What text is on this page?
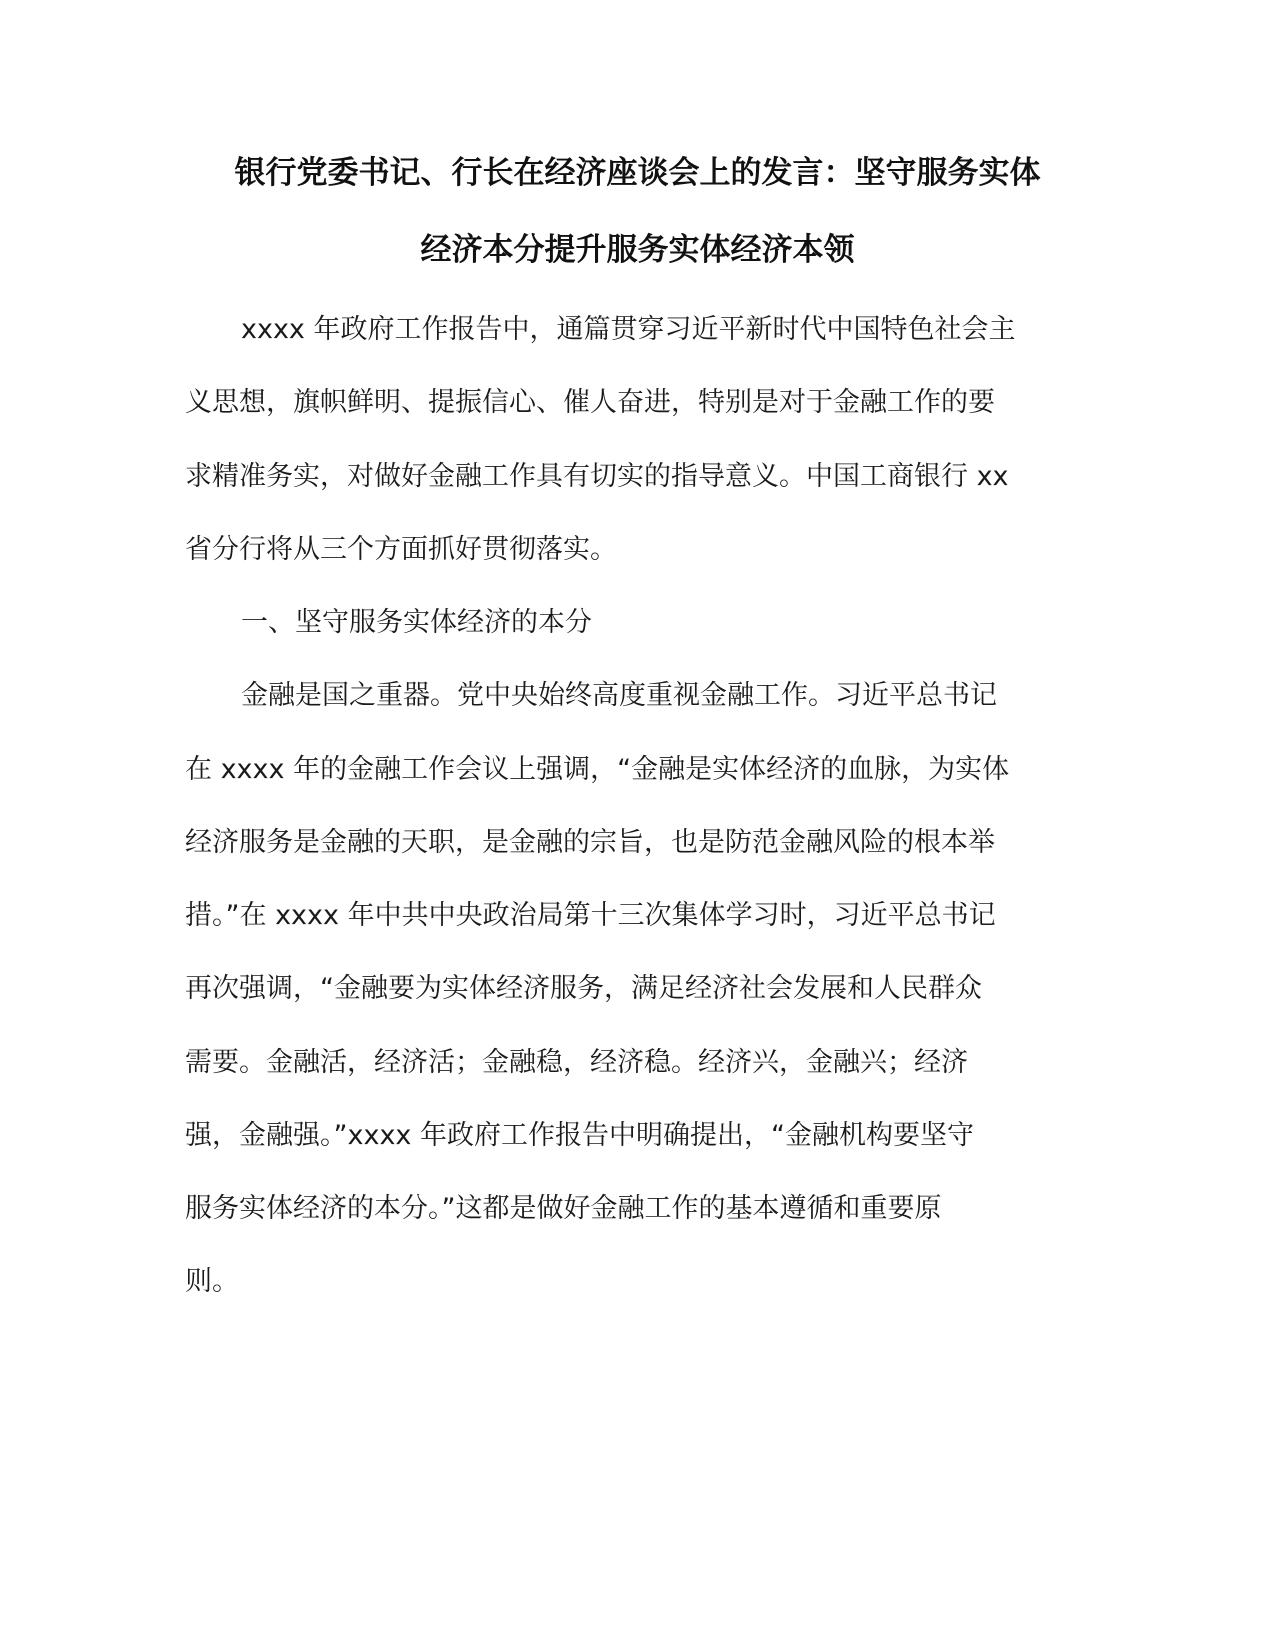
银行党委书记、行长在经济座谈会上的发言：坚守服务实体
经济本分提升服务实体经济本领
xxxx 年政府工作报告中，通篇贯穿习近平新时代中国特色社会主
义思想，旗帜鲜明、提振信心、催人奋进，特别是对于金融工作的要
求精准务实，对做好金融工作具有切实的指导意义。中国工商银行 xx
省分行将从三个方面抓好贯彻落实。
一、坚守服务实体经济的本分
金融是国之重器。党中央始终高度重视金融工作。习近平总书记
在 xxxx 年的金融工作会议上强调，“金融是实体经济的血脉，为实体
经济服务是金融的天职，是金融的宗旨，也是防范金融风险的根本举
措。”在 xxxx 年中共中央政治局第十三次集体学习时，习近平总书记
再次强调，“金融要为实体经济服务，满足经济社会发展和人民群众
需要。金融活，经济活；金融稳，经济稳。经济兴，金融兴；经济
强，金融强。”xxxx 年政府工作报告中明确提出，“金融机构要坚守
服务实体经济的本分。”这都是做好金融工作的基本遵循和重要原
则。
